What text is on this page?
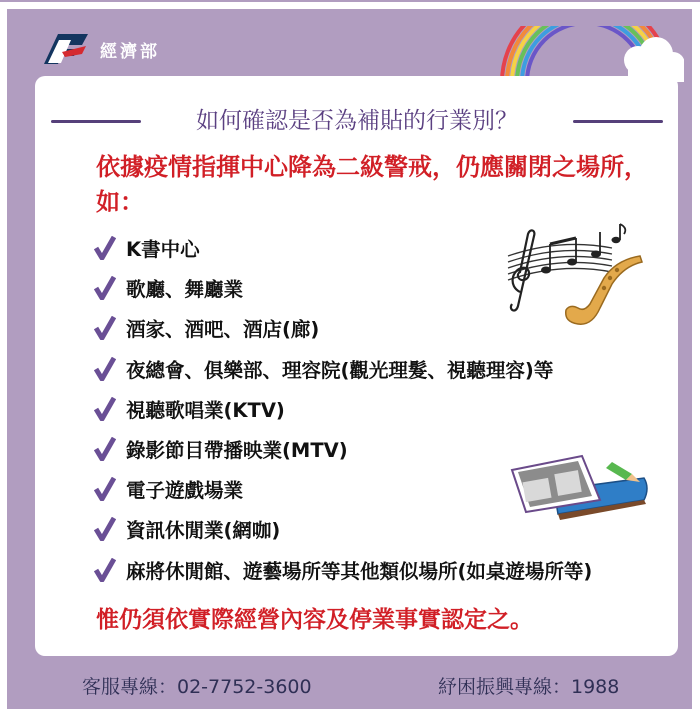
經濟部
如何確認是否為補貼的行業別？
依據疫情指揮中心降為二級警戒，仍應關閉之場所，如：
K書中心
歌廳、舞廳業
酒家、酒吧、酒店(廊)
夜總會、俱樂部、理容院(觀光理髮、視聽理容)等
視聽歌唱業(KTV)
錄影節目帶播映業(MTV)
電子遊戲場業
資訊休閒業(網咖)
麻將休閒館、遊藝場所等其他類似場所(如桌遊場所等)
惟仍須依實際經營內容及停業事實認定之。
客服專線：02-7752-3600	紓困振興專線：1988
